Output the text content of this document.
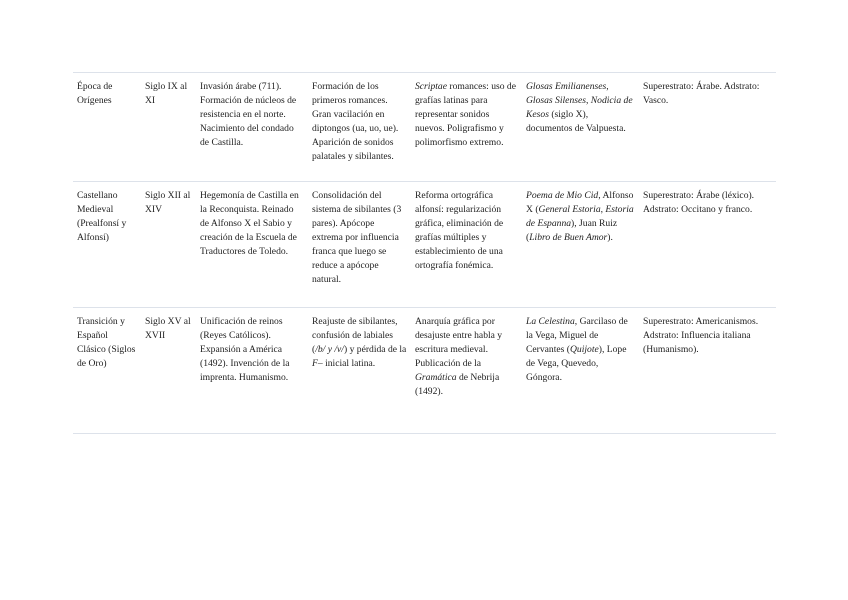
Época de Orígenes	Siglo IX al XI	Invasión árabe (711). Formación de núcleos de resistencia en el norte. Nacimiento del condado de Castilla.	Formación de los primeros romances. Gran vacilación en diptongos (ua, uo, ue). Aparición de sonidos palatales y sibilantes.	Scriptae romances: uso de grafías latinas para representar sonidos nuevos. Poligrafismo y polimorfismo extremo.	Glosas Emilianenses, Glosas Silenses, Nodicia de Kesos (siglo X), documentos de Valpuesta.	Superestrato: Árabe. Adstrato: Vasco.
Castellano Medieval (Prealfonsí y Alfonsí)	Siglo XII al XIV	Hegemonía de Castilla en la Reconquista. Reinado de Alfonso X el Sabio y creación de la Escuela de Traductores de Toledo.	Consolidación del sistema de sibilantes (3 pares). Apócope extrema por influencia franca que luego se reduce a apócope natural.	Reforma ortográfica alfonsí: regularización gráfica, eliminación de grafías múltiples y establecimiento de una ortografía fonémica.	Poema de Mio Cid, Alfonso X (General Estoria, Estoria de Espanna), Juan Ruiz (Libro de Buen Amor).	Superestrato: Árabe (léxico). Adstrato: Occitano y franco.
Transición y Español Clásico (Siglos de Oro)	Siglo XV al XVII	Unificación de reinos (Reyes Católicos). Expansión a América (1492). Invención de la imprenta. Humanismo.	Reajuste de sibilantes, confusión de labiales (/b/ y /v/) y pérdida de la F– inicial latina.	Anarquía gráfica por desajuste entre habla y escritura medieval. Publicación de la Gramática de Nebrija (1492).	La Celestina, Garcilaso de la Vega, Miguel de Cervantes (Quijote), Lope de Vega, Quevedo, Góngora.	Superestrato: Americanismos. Adstrato: Influencia italiana (Humanismo).
